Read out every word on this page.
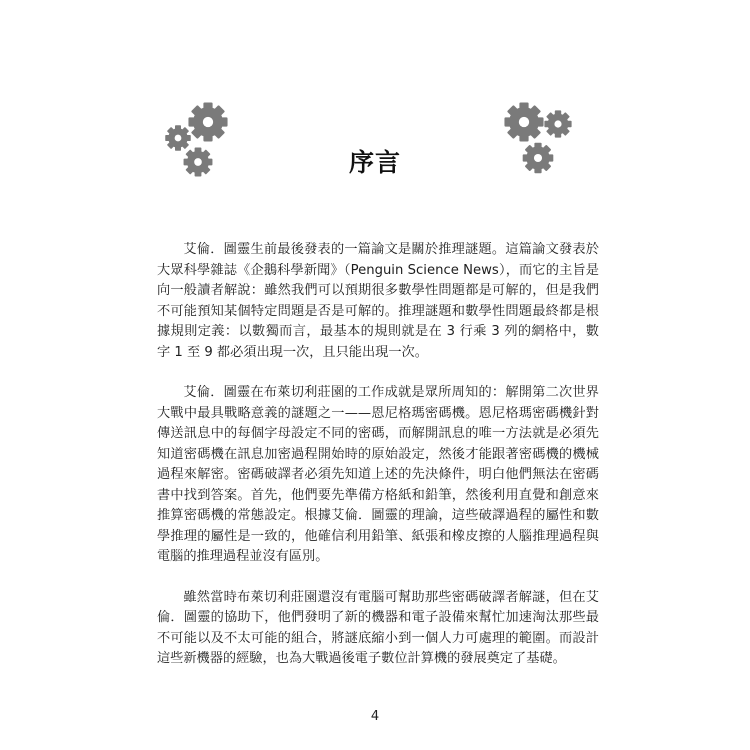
序言

艾倫．圖靈生前最後發表的一篇論文是關於推理謎題。這篇論文發表於大眾科學雜誌《企鵝科學新聞》（Penguin Science News），而它的主旨是向一般讀者解說：雖然我們可以預期很多數學性問題都是可解的，但是我們不可能預知某個特定問題是否是可解的。推理謎題和數學性問題最終都是根據規則定義：以數獨而言，最基本的規則就是在 3 行乘 3 列的網格中，數字 1 至 9 都必須出現一次，且只能出現一次。

艾倫．圖靈在布萊切利莊園的工作成就是眾所周知的：解開第二次世界大戰中最具戰略意義的謎題之一——恩尼格瑪密碼機。恩尼格瑪密碼機針對傳送訊息中的每個字母設定不同的密碼，而解開訊息的唯一方法就是必須先知道密碼機在訊息加密過程開始時的原始設定，然後才能跟著密碼機的機械過程來解密。密碼破譯者必須先知道上述的先決條件，明白他們無法在密碼書中找到答案。首先，他們要先準備方格紙和鉛筆，然後利用直覺和創意來推算密碼機的常態設定。根據艾倫．圖靈的理論，這些破譯過程的屬性和數學推理的屬性是一致的，他確信利用鉛筆、紙張和橡皮擦的人腦推理過程與電腦的推理過程並沒有區別。

雖然當時布萊切利莊園還沒有電腦可幫助那些密碼破譯者解謎，但在艾倫．圖靈的協助下，他們發明了新的機器和電子設備來幫忙加速淘汰那些最不可能以及不太可能的組合，將謎底縮小到一個人力可處理的範圍。而設計這些新機器的經驗，也為大戰過後電子數位計算機的發展奠定了基礎。

4
